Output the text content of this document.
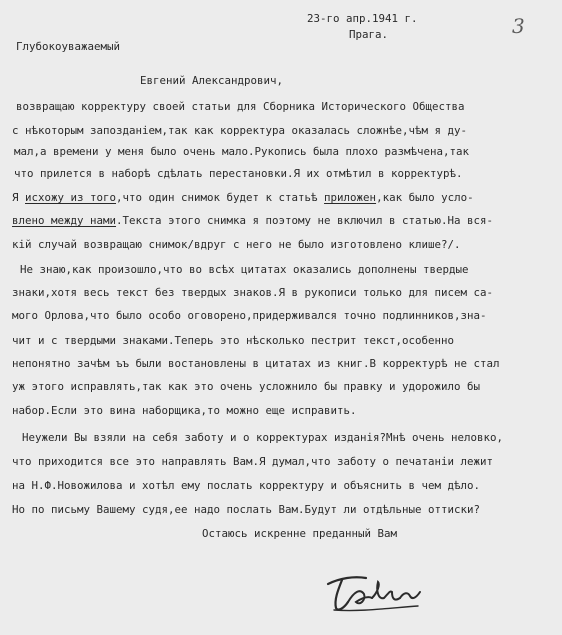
23-го апр.1941 г.
Прага.	3
Глубокоуважаемый
Евгений Александрович,
возвращаю корректуру своей статьи для Сборника Исторического Общества
с нѣкоторым запозданіем,так как корректура оказалась сложнѣе,чѣм я ду-
мал,а времени у меня было очень мало.Рукопись была плохо размѣчена,так
что прилется в наборѣ сдѣлать перестановки.Я их отмѣтил в корректурѣ.
Я исхожу из того,что один снимок будет к статьѣ приложен,как было усло-
влено между нами.Текста этого снимка я поэтому не включил в статью.На вся-
кій случай возвращаю снимок/вдруг с него не было изготовлено клише?/.
Не знаю,как произошло,что во всѣх цитатах оказались дополнены твердые
знаки,хотя весь текст без твердых знаков.Я в рукописи только для писем са-
мого Орлова,что было особо оговорено,придерживался точно подлинников,зна-
чит и с твердыми знаками.Теперь это нѣсколько пестрит текст,особенно
непонятно зачѣм ъъ были востановлены в цитатах из книг.В корректурѣ не стал
уж этого исправлять,так как это очень усложнило бы правку и удорожило бы
набор.Если это вина наборщика,то можно еще исправить.
Неужели Вы взяли на себя заботу и о корректурах изданія?Мнѣ очень неловко,
что приходится все это направлять Вам.Я думал,что заботу о печатаніи лежит
на Н.Ф.Новожилова и хотѣл ему послать корректуру и объяснить в чем дѣло.
Но по письму Вашему судя,ее надо послать Вам.Будут ли отдѣльные оттиски?
Остаюсь искренне преданный Вам
